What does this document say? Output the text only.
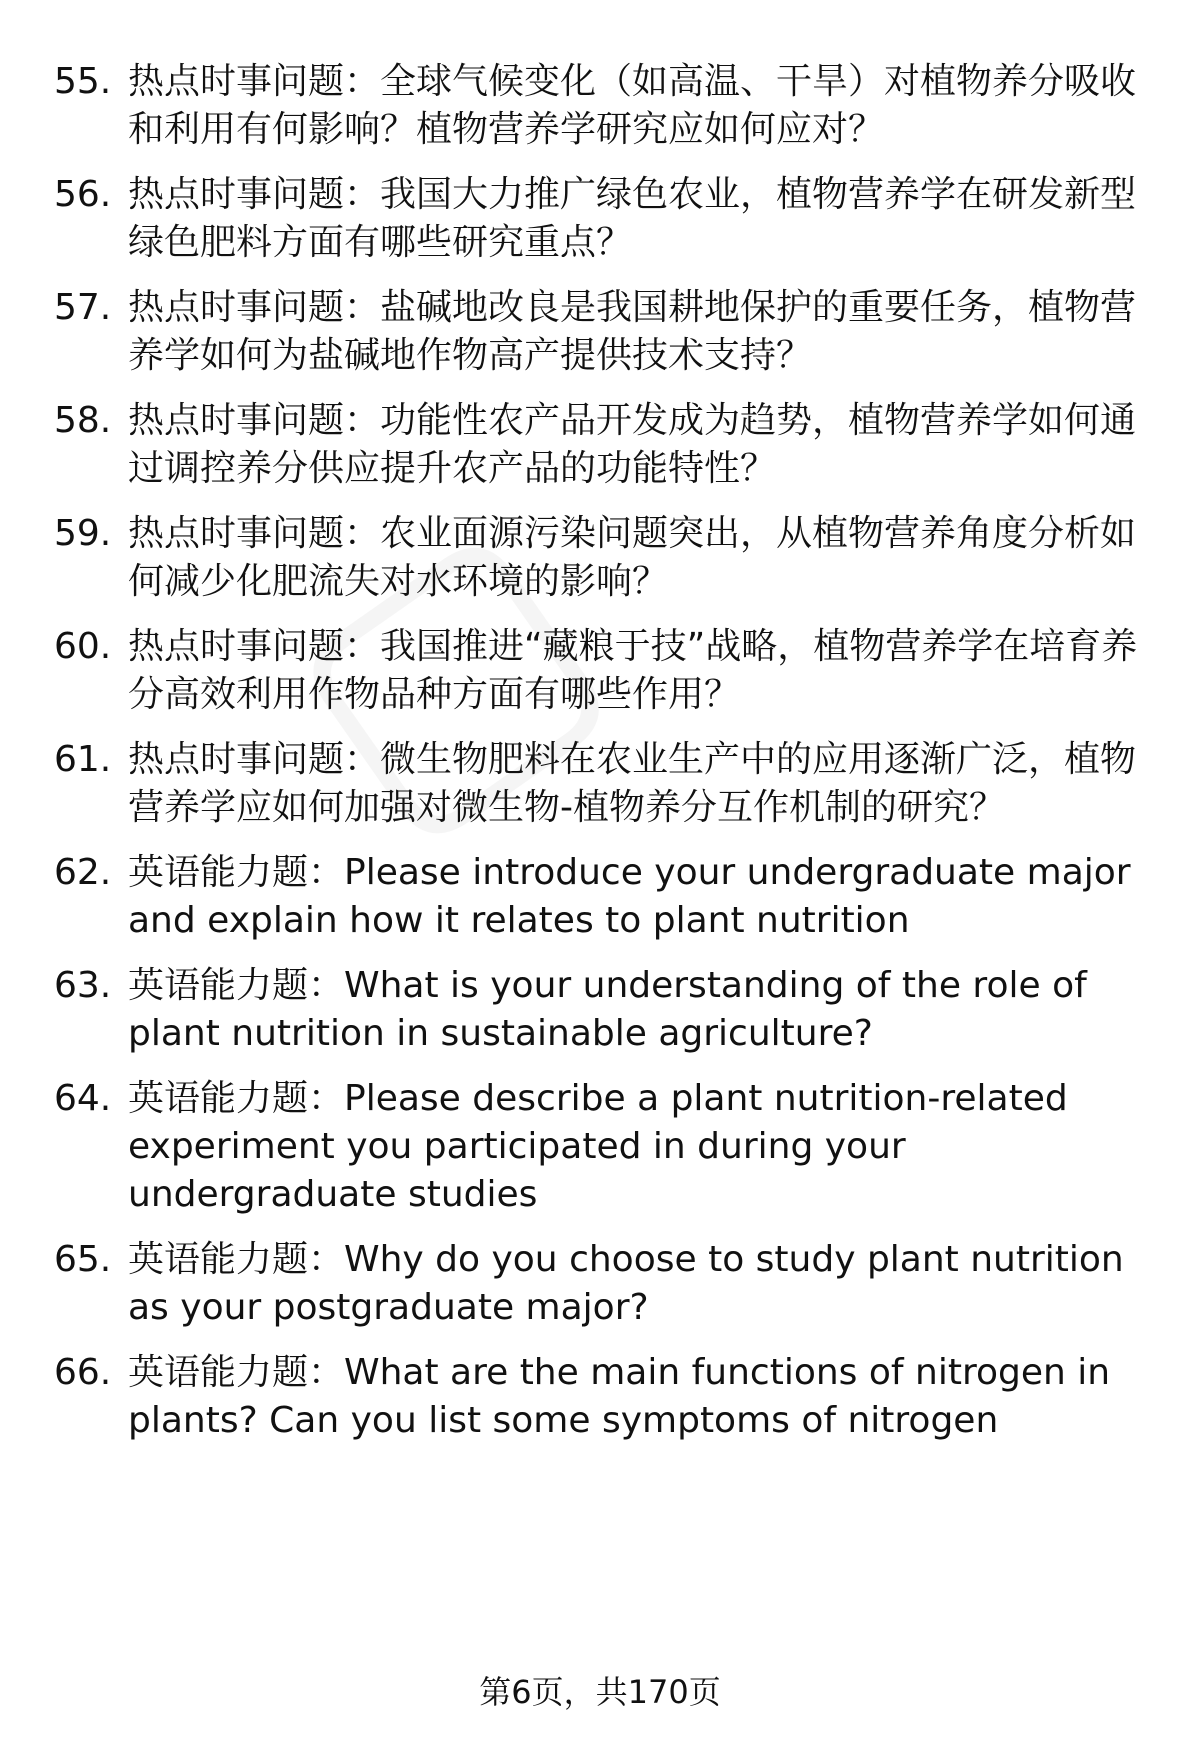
55. 热点时事问题：全球气候变化（如高温、干旱）对植物养分吸收和利用有何影响？植物营养学研究应如何应对？
56. 热点时事问题：我国大力推广绿色农业，植物营养学在研发新型绿色肥料方面有哪些研究重点？
57. 热点时事问题：盐碱地改良是我国耕地保护的重要任务，植物营养学如何为盐碱地作物高产提供技术支持？
58. 热点时事问题：功能性农产品开发成为趋势，植物营养学如何通过调控养分供应提升农产品的功能特性？
59. 热点时事问题：农业面源污染问题突出，从植物营养角度分析如何减少化肥流失对水环境的影响？
60. 热点时事问题：我国推进“藏粮于技”战略，植物营养学在培育养分高效利用作物品种方面有哪些作用？
61. 热点时事问题：微生物肥料在农业生产中的应用逐渐广泛，植物营养学应如何加强对微生物-植物养分互作机制的研究？
62. 英语能力题：Please introduce your undergraduate major and explain how it relates to plant nutrition
63. 英语能力题：What is your understanding of the role of plant nutrition in sustainable agriculture?
64. 英语能力题：Please describe a plant nutrition-related experiment you participated in during your undergraduate studies
65. 英语能力题：Why do you choose to study plant nutrition as your postgraduate major?
66. 英语能力题：What are the main functions of nitrogen in plants? Can you list some symptoms of nitrogen
第6页，共170页
